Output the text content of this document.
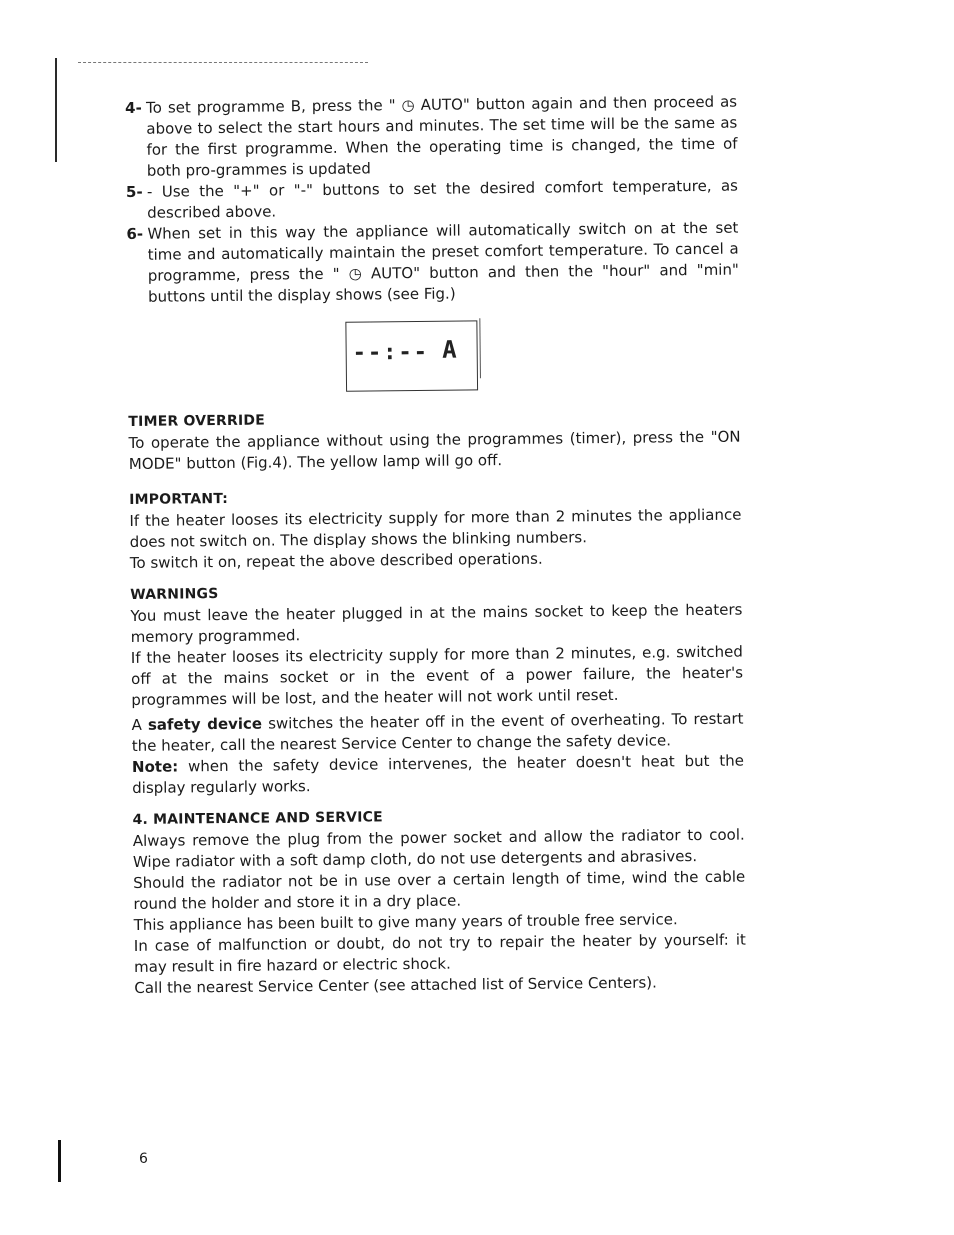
4- To set programme B, press the " ◷ AUTO" button again and then proceed as above to select the start hours and minutes. The set time will be the same as for the first programme. When the operating time is changed, the time of both pro-grammes is updated
5- - Use the "+" or "-" buttons to set the desired comfort temperature, as described above.
6- When set in this way the appliance will automatically switch on at the set time and automatically maintain the preset comfort temperature. To cancel a programme, press the " ◷ AUTO" button and then the "hour" and "min" buttons until the display shows (see Fig.)
--:-- A
TIMER OVERRIDE

To operate the appliance without using the programmes (timer), press the "ON MODE" button (Fig.4). The yellow lamp will go off.

IMPORTANT:

If the heater looses its electricity supply for more than 2 minutes the appliance does not switch on. The display shows the blinking numbers.

To switch it on, repeat the above described operations.

WARNINGS

You must leave the heater plugged in at the mains socket to keep the heaters memory programmed.

If the heater looses its electricity supply for more than 2 minutes, e.g. switched off at the mains socket or in the event of a power failure, the heater's programmes will be lost, and the heater will not work until reset.

A safety device switches the heater off in the event of overheating. To restart the heater, call the nearest Service Center to change the safety device.

Note: when the safety device intervenes, the heater doesn't heat but the display regularly works.

4. MAINTENANCE AND SERVICE

Always remove the plug from the power socket and allow the radiator to cool. Wipe radiator with a soft damp cloth, do not use detergents and abrasives.

Should the radiator not be in use over a certain length of time, wind the cable round the holder and store it in a dry place.

This appliance has been built to give many years of trouble free service.

In case of malfunction or doubt, do not try to repair the heater by yourself: it may result in fire hazard or electric shock.

Call the nearest Service Center (see attached list of Service Centers).

6
